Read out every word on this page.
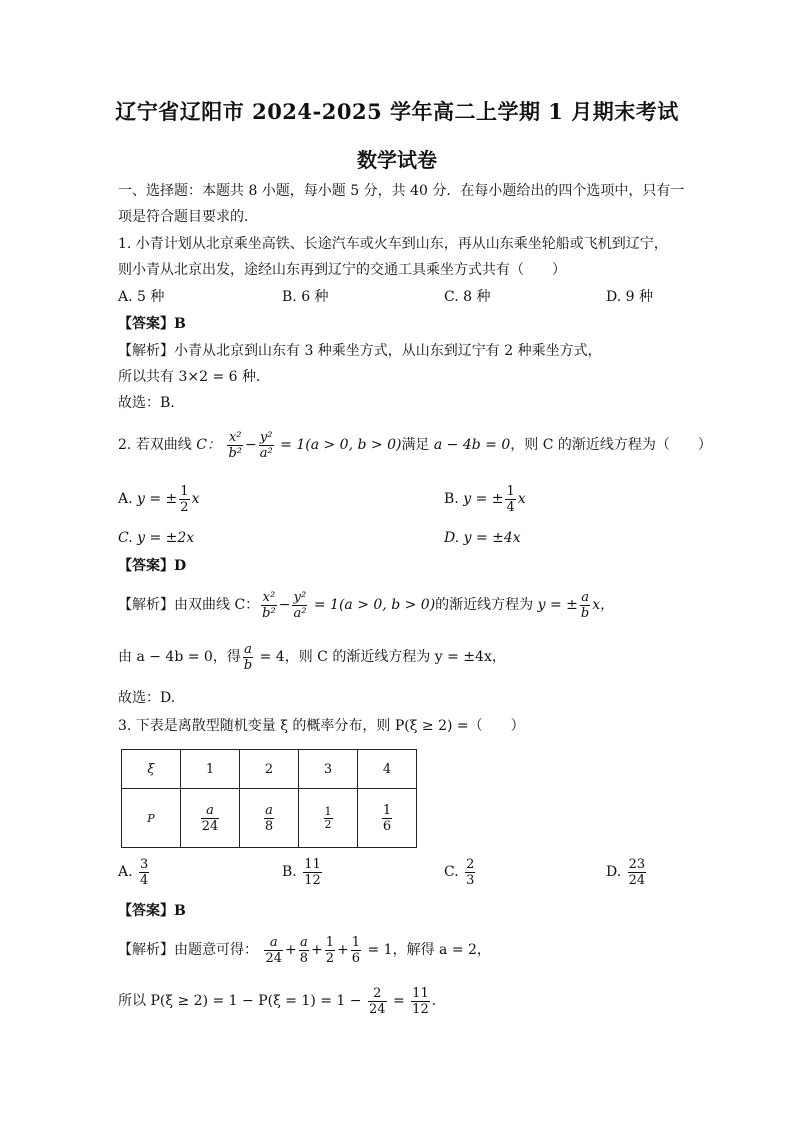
辽宁省辽阳市 2024-2025 学年高二上学期 1 月期末考试
数学试卷
一、选择题：本题共 8 小题，每小题 5 分，共 40 分．在每小题给出的四个选项中，只有一
项是符合题目要求的．
1. 小青计划从北京乘坐高铁、长途汽车或火车到山东，再从山东乘坐轮船或飞机到辽宁，
则小青从北京出发，途经山东再到辽宁的交通工具乘坐方式共有（　　）
A. 5 种	B. 6 种	C. 8 种	D. 9 种
【答案】B
【解析】小青从北京到山东有 3 种乘坐方式，从山东到辽宁有 2 种乘坐方式，
所以共有 3×2 = 6 种．
故选：B.
2. 若双曲线 C： $\frac{\text{x²}}{\text{b²}} - \frac{\text{y²}}{\text{a²}} = 1(a > 0$, b > 0)满足 a − 4b = 0，则 C 的渐近线方程为（　　）
A. y = ± $\frac{1}{2}$ x	B. y = ± $\frac{1}{4}$ x
C. y = ±2x	D. y = ±4x
【答案】D
【解析】由双曲线 C： $\frac{\text{x²}}{\text{b²}} - \frac{\text{y²}}{\text{a²}} = 1(a > 0$, b > 0)的渐近线方程为 y = ± $\frac{a}{b}$ x，
由 a − 4b = 0，得 $\frac{a}{b} = 4$，则 C 的渐近线方程为 y = ±4x，
故选：D.
3. 下表是离散型随机变量 ξ 的概率分布，则 P(ξ ≥ 2) =（　　）
ξ	1	2	3	4
P	$\frac{a}{24}$	$\frac{a}{8}$	$\frac{1}{2}$	$\frac{1}{6}$
A. $\frac{3}{4}$	B. $\frac{11}{12}$	C. $\frac{2}{3}$	D. $\frac{23}{24}$
【答案】B
【解析】由题意可得： $\frac{a}{24} + \frac{a}{8} + \frac{1}{2} + \frac{1}{6} = 1$，解得 a = 2，
所以 $P(\xi \ge 2) = 1 - P(\xi = 1) = 1 - \frac{2}{24} = \frac{11}{12}$ ．
